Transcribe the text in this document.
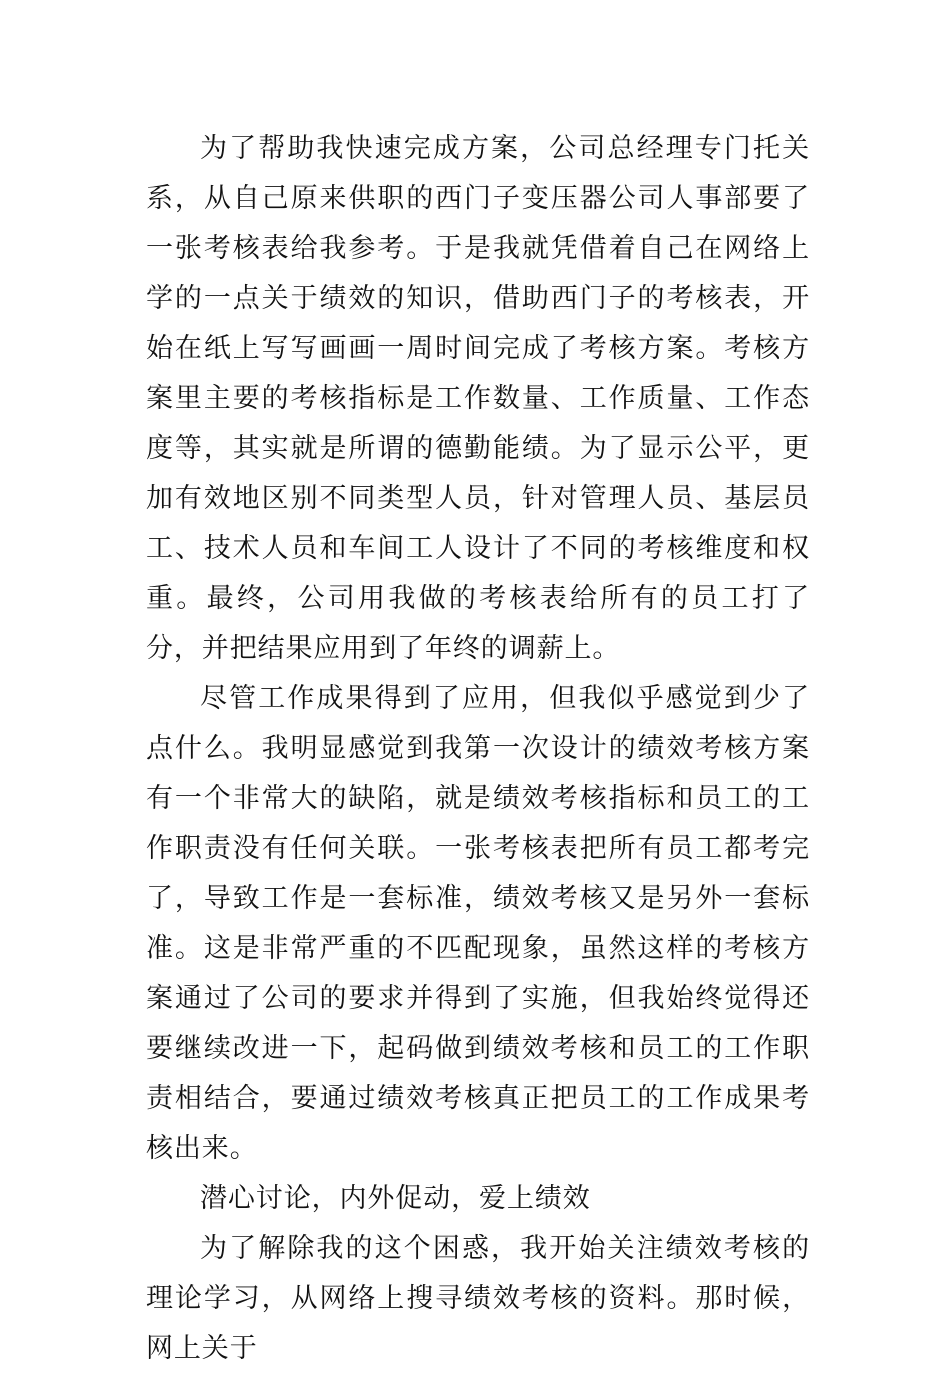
为了帮助我快速完成方案，公司总经理专门托关系，从自己原来供职的西门子变压器公司人事部要了一张考核表给我参考。于是我就凭借着自己在网络上学的一点关于绩效的知识，借助西门子的考核表，开始在纸上写写画画一周时间完成了考核方案。考核方案里主要的考核指标是工作数量、工作质量、工作态度等，其实就是所谓的德勤能绩。为了显示公平，更加有效地区别不同类型人员，针对管理人员、基层员工、技术人员和车间工人设计了不同的考核维度和权重。最终，公司用我做的考核表给所有的员工打了分，并把结果应用到了年终的调薪上。

尽管工作成果得到了应用，但我似乎感觉到少了点什么。我明显感觉到我第一次设计的绩效考核方案有一个非常大的缺陷，就是绩效考核指标和员工的工作职责没有任何关联。一张考核表把所有员工都考完了，导致工作是一套标准，绩效考核又是另外一套标准。这是非常严重的不匹配现象，虽然这样的考核方案通过了公司的要求并得到了实施，但我始终觉得还要继续改进一下，起码做到绩效考核和员工的工作职责相结合，要通过绩效考核真正把员工的工作成果考核出来。

潜心讨论，内外促动，爱上绩效

为了解除我的这个困惑，我开始关注绩效考核的理论学习，从网络上搜寻绩效考核的资料。那时候，网上关于
